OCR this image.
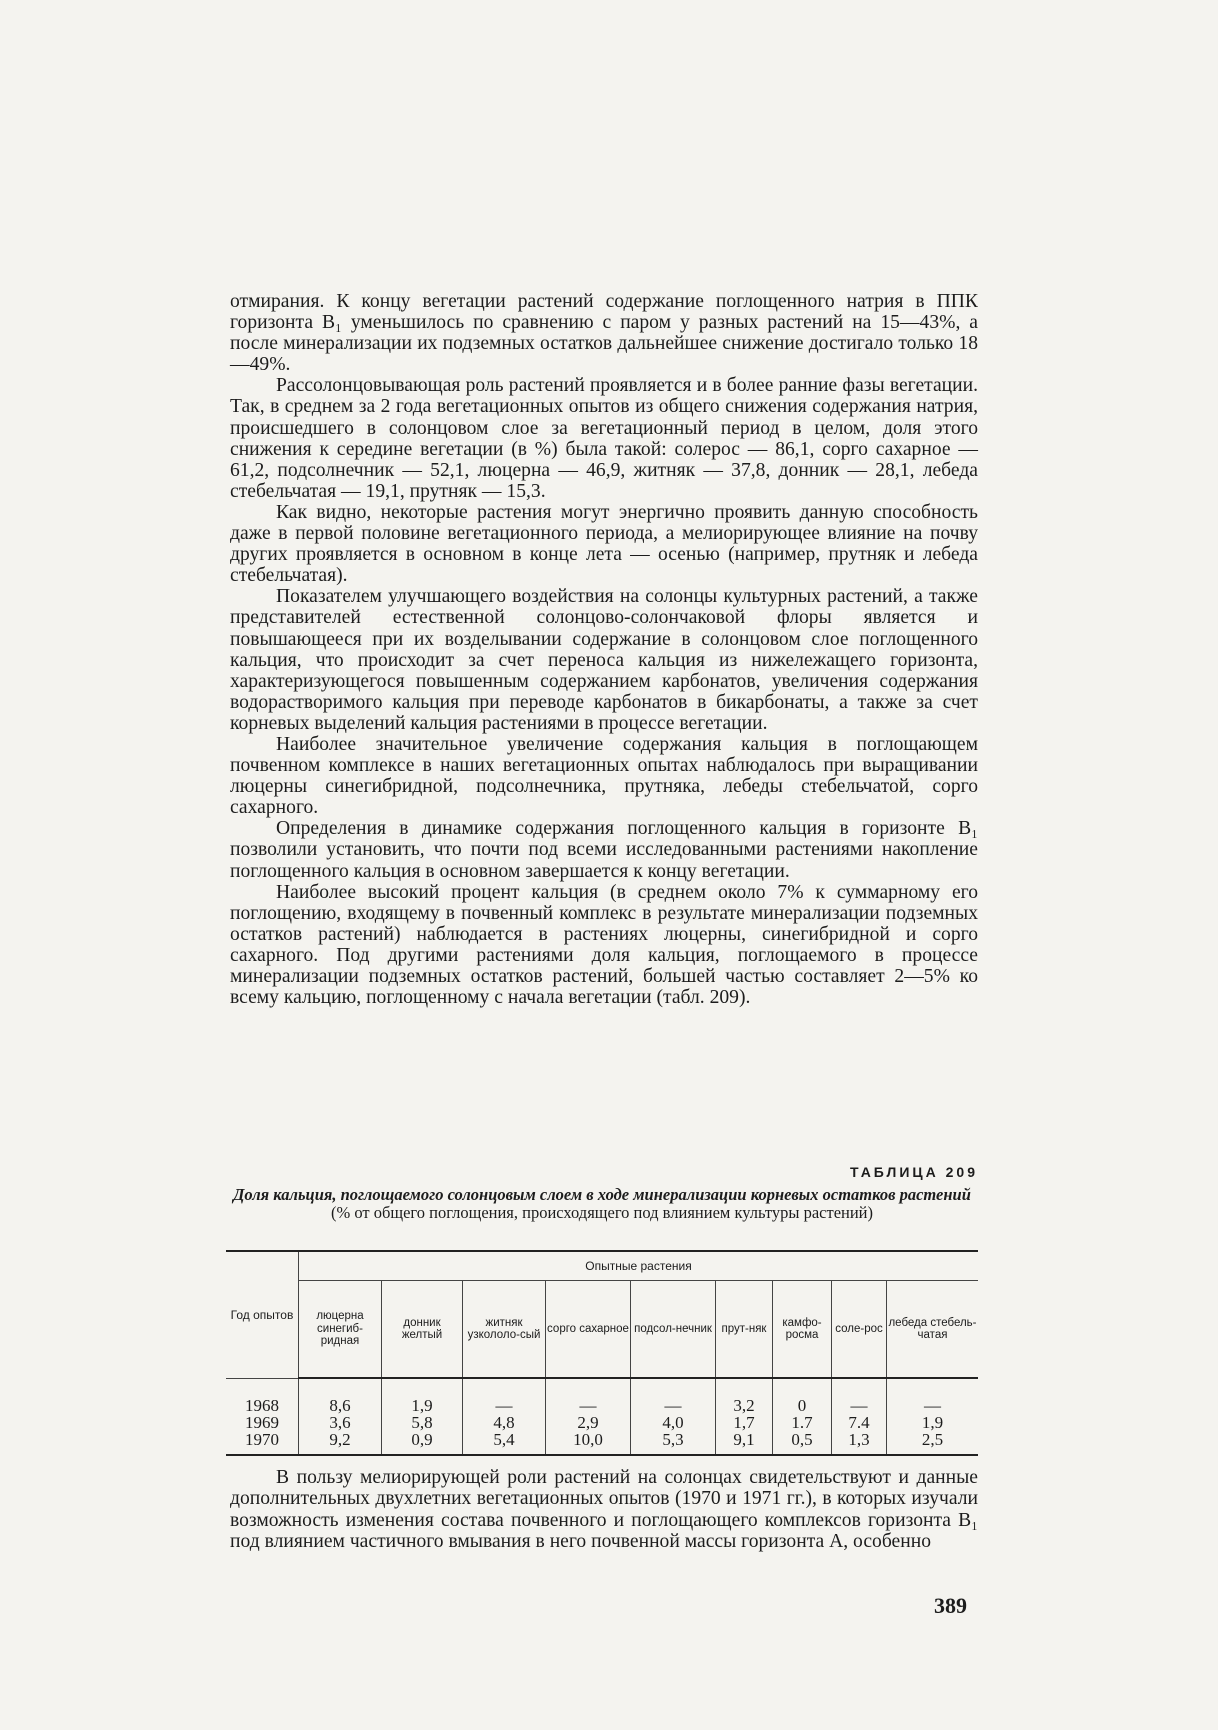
отмирания. К концу вегетации растений содержание поглощенного натрия в ППК горизонта B₁ уменьшилось по сравнению с паром у разных растений на 15—43%, а после минерализации их подземных остатков дальнейшее снижение достигало только 18—49%.

Рассолонцовывающая роль растений проявляется и в более ранние фазы вегетации. Так, в среднем за 2 года вегетационных опытов из общего снижения содержания натрия, происшедшего в солонцовом слое за вегетационный период в целом, доля этого снижения к середине вегетации (в %) была такой: солерос — 86,1, сорго сахарное — 61,2, подсолнечник — 52,1, люцерна — 46,9, житняк — 37,8, донник — 28,1, лебеда стебельчатая — 19,1, прутняк — 15,3.

Как видно, некоторые растения могут энергично проявить данную способность даже в первой половине вегетационного периода, а мелиорирующее влияние на почву других проявляется в основном в конце лета — осенью (например, прутняк и лебеда стебельчатая).

Показателем улучшающего воздействия на солонцы культурных растений, а также представителей естественной солонцово-солончаковой флоры является и повышающееся при их возделывании содержание в солонцовом слое поглощенного кальция, что происходит за счет переноса кальция из нижележащего горизонта, характеризующегося повышенным содержанием карбонатов, увеличения содержания водорастворимого кальция при переводе карбонатов в бикарбонаты, а также за счет корневых выделений кальция растениями в процессе вегетации.

Наиболее значительное увеличение содержания кальция в поглощающем почвенном комплексе в наших вегетационных опытах наблюдалось при выращивании люцерны синегибридной, подсолнечника, прутняка, лебеды стебельчатой, сорго сахарного.

Определения в динамике содержания поглощенного кальция в горизонте B₁ позволили установить, что почти под всеми исследованными растениями накопление поглощенного кальция в основном завершается к концу вегетации.

Наиболее высокий процент кальция (в среднем около 7% к суммарному его поглощению, входящему в почвенный комплекс в результате минерализации подземных остатков растений) наблюдается в растениях люцерны, синегибридной и сорго сахарного. Под другими растениями доля кальция, поглощаемого в процессе минерализации подземных остатков растений, большей частью составляет 2—5% ко всему кальцию, поглощенному с начала вегетации (табл. 209).

ТАБЛИЦА 209
Доля кальция, поглощаемого солонцовым слоем в ходе минерализации корневых остатков растений (% от общего поглощения, происходящего под влиянием культуры растений)
Год опытов	Опытные растения								
	люцерна синегиб-ридная	донник желтый	житняк узкололо-сый	сорго сахарное	подсол-нечник	прут-няк	камфо-росма	соле-рос	лебеда стебель-чатая
1968	8,6	1,9	—	—	—	3,2	0	—	—
1969	3,6	5,8	4,8	2,9	4,0	1,7	1.7	7.4	1,9
1970	9,2	0,9	5,4	10,0	5,3	9,1	0,5	1,3	2,5

В пользу мелиорирующей роли растений на солонцах свидетельствуют и данные дополнительных двухлетних вегетационных опытов (1970 и 1971 гг.), в которых изучали возможность изменения состава почвенного и поглощающего комплексов горизонта B₁ под влиянием частичного вмывания в него почвенной массы горизонта А, особенно

389
